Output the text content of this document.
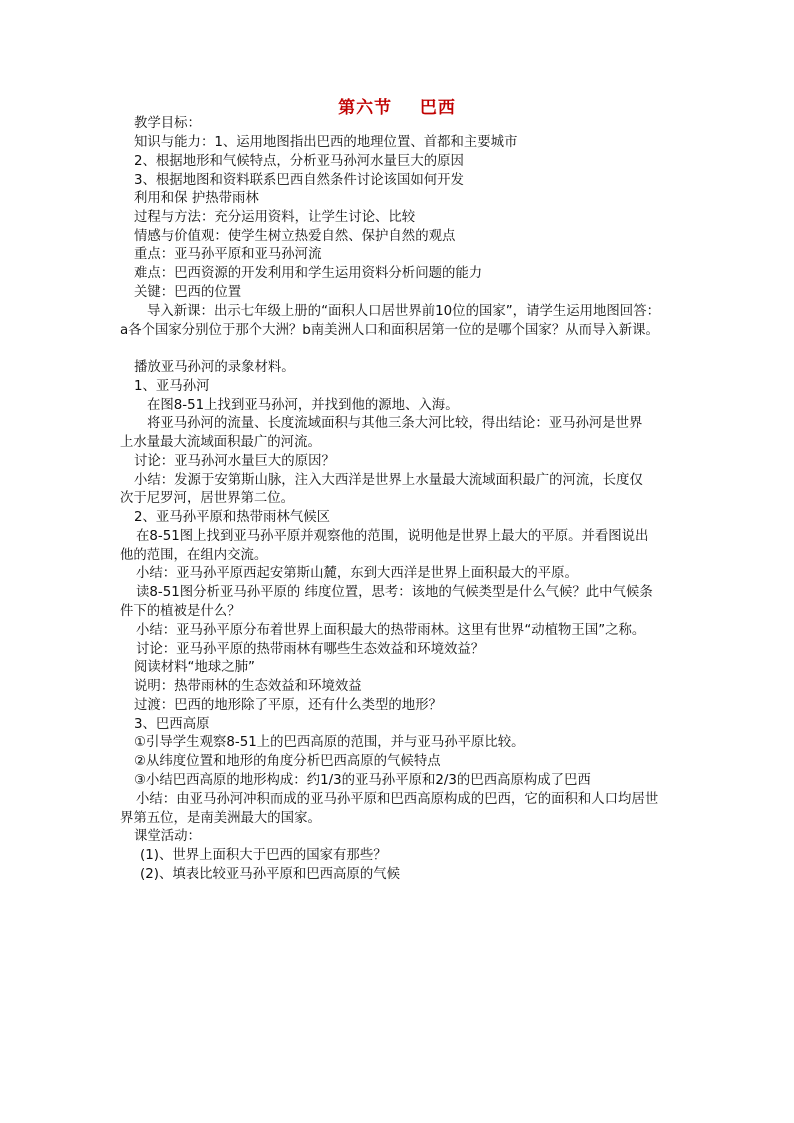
第六节    巴西
教学目标：
知识与能力：1、运用地图指出巴西的地理位置、首都和主要城市
2、根据地形和气候特点，分析亚马孙河水量巨大的原因
3、根据地图和资料联系巴西自然条件讨论该国如何开发
利用和保 护热带雨林
过程与方法：充分运用资料，让学生讨论、比较
情感与价值观：使学生树立热爱自然、保护自然的观点
重点：亚马孙平原和亚马孙河流
难点：巴西资源的开发利用和学生运用资料分析问题的能力
关键：巴西的位置
导入新课：出示七年级上册的“面积人口居世界前10位的国家”，请学生运用地图回答：
a各个国家分别位于那个大洲？b南美洲人口和面积居第一位的是哪个国家？从而导入新课。
播放亚马孙河的录象材料。
1、亚马孙河
在图8-51上找到亚马孙河，并找到他的源地、入海。
将亚马孙河的流量、长度流域面积与其他三条大河比较，得出结论：亚马孙河是世界
上水量最大流域面积最广的河流。
讨论：亚马孙河水量巨大的原因？
小结：发源于安第斯山脉，注入大西洋是世界上水量最大流域面积最广的河流，长度仅
次于尼罗河，居世界第二位。
2、亚马孙平原和热带雨林气候区
在8-51图上找到亚马孙平原并观察他的范围，说明他是世界上最大的平原。并看图说出
他的范围，在组内交流。
小结：亚马孙平原西起安第斯山麓，东到大西洋是世界上面积最大的平原。
读8-51图分析亚马孙平原的 纬度位置，思考：该地的气候类型是什么气候？此中气候条
件下的植被是什么？
小结：亚马孙平原分布着世界上面积最大的热带雨林。这里有世界“动植物王国”之称。
讨论：亚马孙平原的热带雨林有哪些生态效益和环境效益？
阅读材料“地球之肺”
说明：热带雨林的生态效益和环境效益
过渡：巴西的地形除了平原，还有什么类型的地形？
3、巴西高原
①引导学生观察8-51上的巴西高原的范围，并与亚马孙平原比较。
②从纬度位置和地形的角度分析巴西高原的气候特点
③小结巴西高原的地形构成：约1/3的亚马孙平原和2/3的巴西高原构成了巴西
小结：由亚马孙河冲积而成的亚马孙平原和巴西高原构成的巴西，它的面积和人口均居世
界第五位，是南美洲最大的国家。
课堂活动：
(1)、世界上面积大于巴西的国家有那些？
(2)、填表比较亚马孙平原和巴西高原的气候
